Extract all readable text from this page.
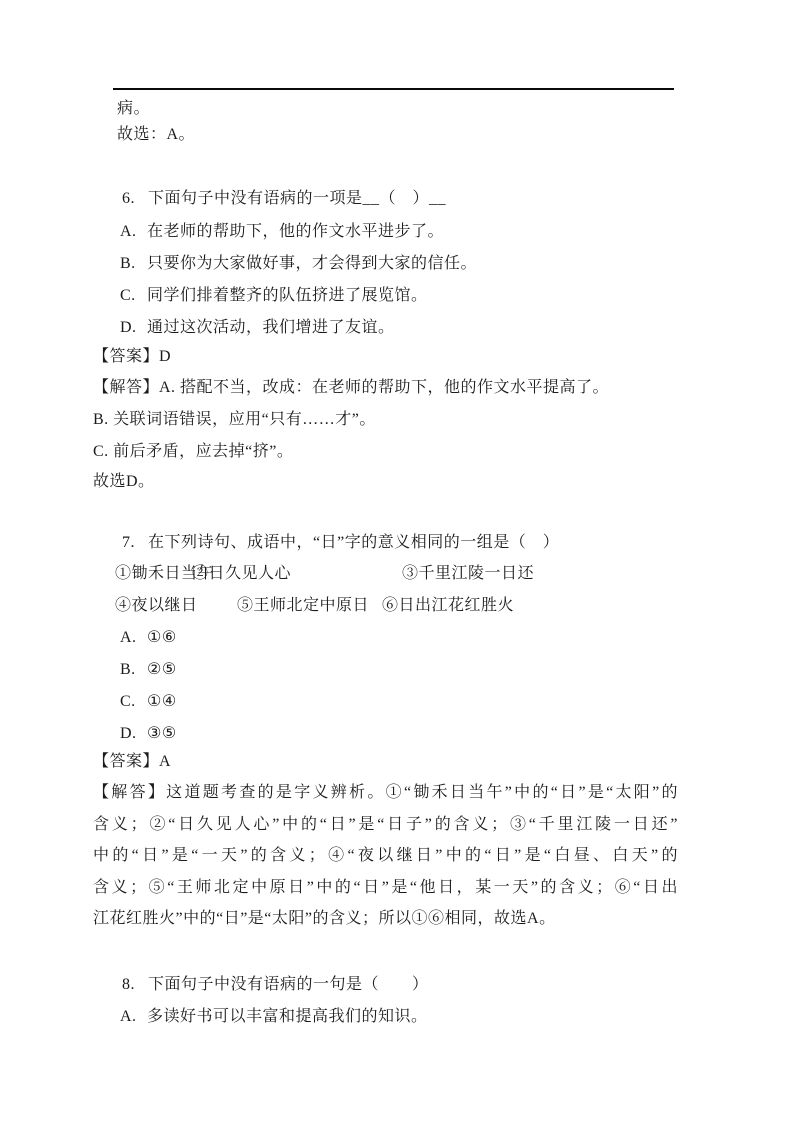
病。
故选：A。
6. 下面句子中没有语病的一项是__（　）__
A. 在老师的帮助下，他的作文水平进步了。
B. 只要你为大家做好事，才会得到大家的信任。
C. 同学们排着整齐的队伍挤进了展览馆。
D. 通过这次活动，我们增进了友谊。
【答案】D
【解答】A. 搭配不当，改成：在老师的帮助下，他的作文水平提高了。
B. 关联词语错误，应用“只有……才”。
C. 前后矛盾，应去掉“挤”。
故选D。
7. 在下列诗句、成语中，“日”字的意义相同的一组是（　）
①锄禾日当午
②日久见人心	③千里江陵一日还
④夜以继日 ⑤王师北定中原日 ⑥日出江花红胜火
A. ①⑥
B. ②⑤
C. ①④
D. ③⑤
【答案】A
【解答】这道题考查的是字义辨析。①“锄禾日当午”中的“日”是“太阳”的
含义；②“日久见人心”中的“日”是“日子”的含义；③“千里江陵一日还”
中的“日”是“一天”的含义；④“夜以继日”中的“日”是“白昼、白天”的
含义；⑤“王师北定中原日”中的“日”是“他日，某一天”的含义；⑥“日出
江花红胜火”中的“日”是“太阳”的含义；所以①⑥相同，故选A。
8. 下面句子中没有语病的一句是（　　）
A. 多读好书可以丰富和提高我们的知识。
